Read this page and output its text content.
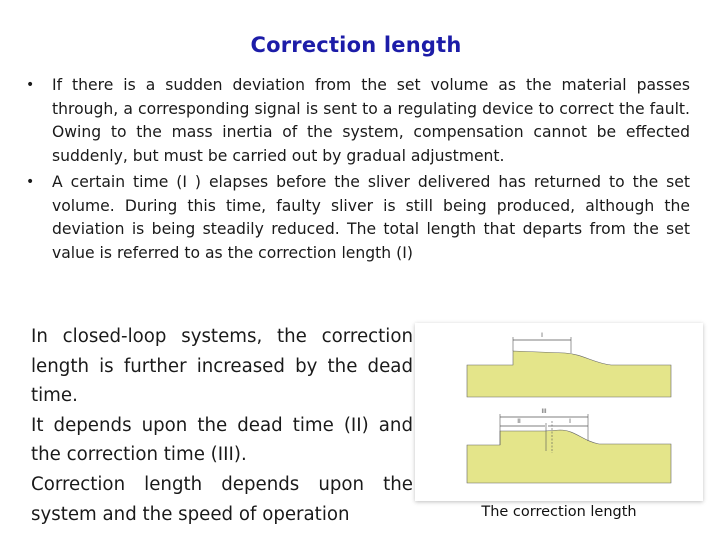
Correction length
• If there is a sudden deviation from the set volume as the material passes through, a corresponding signal is sent to a regulating device to correct the fault. Owing to the mass inertia of the system, compensation cannot be effected suddenly, but must be carried out by gradual adjustment.
• A certain time (I ) elapses before the sliver delivered has returned to the set volume. During this time, faulty sliver is still being produced, although the deviation is being steadily reduced. The total length that departs from the set value is referred to as the correction length (I)
In closed-loop systems, the correction
length is further increased by the dead
time.
It depends upon the dead time (II) and
the correction time (III).
Correction length depends upon the
system and the speed of operation
I
III
II	I
The correction length
